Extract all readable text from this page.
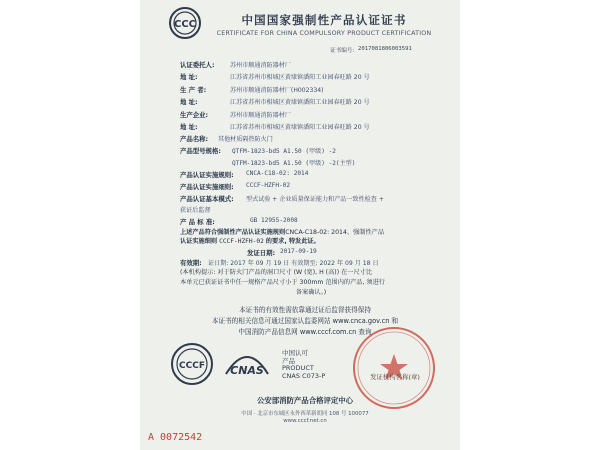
CCC	中国国家强制性产品认证证书
CERTIFICATE FOR CHINA COMPULSORY PRODUCT CERTIFICATION
证书编号: 2017081806003591
认证委托人:	苏州市顺通消防器材厂
地 址:	江苏省苏州市相城区黄埭镇潘阳工业园春旺路 20 号
生 产 者:	苏州市顺通消防器材厂(H002334)
地 址:	江苏省苏州市相城区黄埭镇潘阳工业园春旺路 20 号
生产企业:	苏州市顺通消防器材厂
地 址:	江苏省苏州市相城区黄埭镇潘阳工业园春旺路 20 号
产品名称: 其他材质隔热防火门
产品型号规格: QTFM-1823-bd5 A1.50 (甲级) -2
QTFM-1823-bd5 A1.50 (甲级) -2(主型)
产品认证实施规则: CNCA-C18-02: 2014
产品认证实施细则: CCCF-HZFH-02
产品认证基本模式: 型式试验 + 企业质量保证能力和产品一致性检查 +
获证后监督
产 品 标 准:	GB 12955-2008
上述产品符合强制性产品认证实施规则CNCA-C18-02: 2014、强制性产品
认证实施细则 CCCF-HZFH-02 的要求, 特发此证。
发证日期: 2017-09-19
有效期: 证日期: 2017 年 09 月 19 日 有效期至: 2022 年 09 月 18 日
(本机构提示: 对于防火门产品的洞口尺寸 (W (宽), H (高)) 在一尺寸比
本单元已获证证书中任一规格产品尺寸小于 300mm 范围内的产品, 须进行
备案确认。)
本证书的有效性需依靠通过证后监督获得保持
本证书的相关信息可通过国家认监委网站 www.cnca.gov.cn 和
中国消防产品信息网 www.cccf.com.cn 查询
CCCF CNAS
中国认可
产品
PRODUCT
CNAS C073-P	发证机构名称(章)
公安部消防产品合格评定中心
中国 · 北京市东城区永外西革新胡同 108 号 100077
www.cccf.net.cn
A 0072542
